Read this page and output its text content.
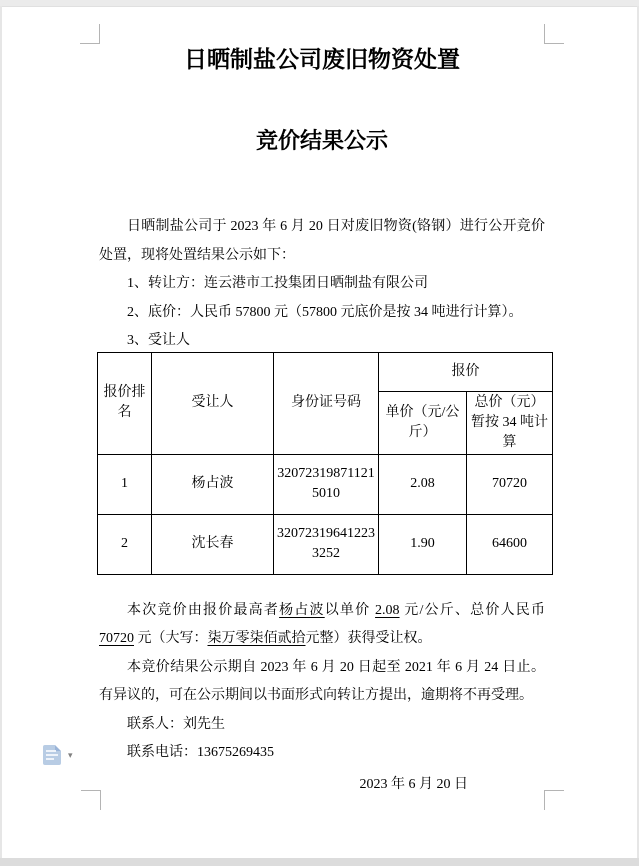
日晒制盐公司废旧物资处置
竞价结果公示

日晒制盐公司于 2023 年 6 月 20 日对废旧物资(铬钢）进行公开竞价处置，现将处置结果公示如下：

1、转让方：连云港市工投集团日晒制盐有限公司

2、底价：人民币 57800 元（57800 元底价是按 34 吨进行计算）。

3、受让人

报价排名	受让人	身份证号码	报价	
			单价（元/公斤）	总价（元）暂按 34 吨计算
1	杨占波	320723198711215010	2.08	70720
2	沈长春	320723196412233252	1.90	64600

本次竞价由报价最高者杨占波以单价 2.08 元/公斤、总价人民币 70720 元（大写：柒万零柒佰贰拾元整）获得受让权。

本竞价结果公示期自 2023 年 6 月 20 日起至 2021 年 6 月 24 日止。有异议的，可在公示期间以书面形式向转让方提出，逾期将不再受理。

联系人：刘先生

联系电话：13675269435

2023 年 6 月 20 日

▾
